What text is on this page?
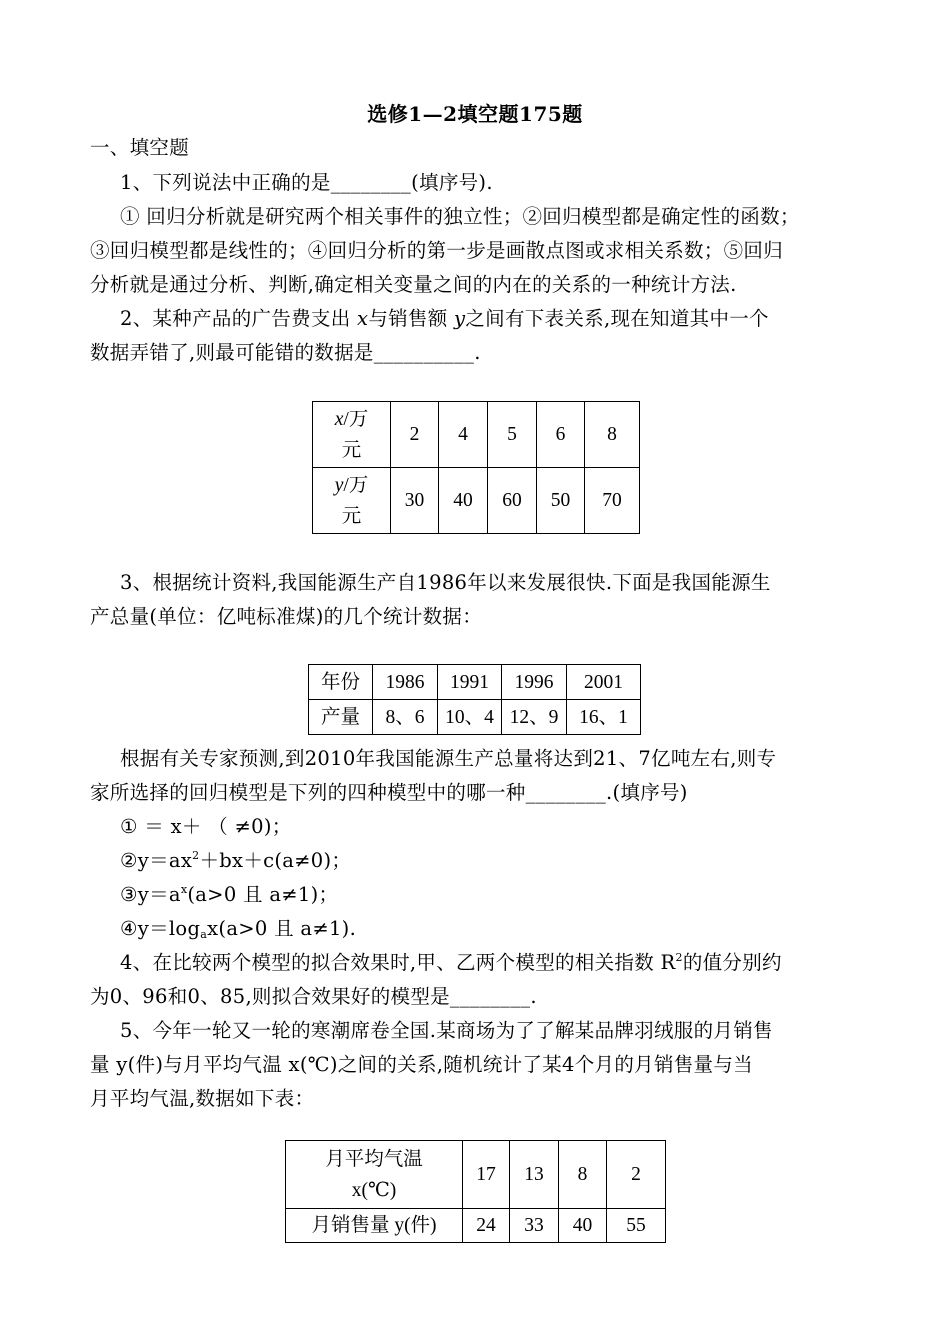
选修1—2填空题175题
一、填空题
1、下列说法中正确的是________(填序号).
① 回归分析就是研究两个相关事件的独立性；②回归模型都是确定性的函数；
③回归模型都是线性的；④回归分析的第一步是画散点图或求相关系数；⑤回归
分析就是通过分析、判断,确定相关变量之间的内在的关系的一种统计方法.
2、某种产品的广告费支出 x与销售额 y之间有下表关系,现在知道其中一个
数据弄错了,则最可能错的数据是__________.
x/万
元	2	4	5	6	8

y/万
元	30	40	60	50	70
3、根据统计资料,我国能源生产自1986年以来发展很快.下面是我国能源生
产总量(单位：亿吨标准煤)的几个统计数据：
年份	1986	1991	1996	2001
产量	8、6	10、4	12、9	16、1
根据有关专家预测,到2010年我国能源生产总量将达到21、7亿吨左右,则专
家所选择的回归模型是下列的四种模型中的哪一种________.(填序号)
① ＝ x＋ （ ≠0)；
$②y=ax^2+bx+c(a\ne 0)$；
$③y=a^x(a>0$ 且 a≠1)；
$④y=\log_ax(a>0$ 且 a≠1).
4、在比较两个模型的拟合效果时,甲、乙两个模型的相关指数 $R^2$的值分别约
为0、96和0、85,则拟合效果好的模型是________.
5、今年一轮又一轮的寒潮席卷全国.某商场为了了解某品牌羽绒服的月销售
量 y(件)与月平均气温 x(℃)之间的关系,随机统计了某4个月的月销售量与当
月平均气温,数据如下表：
月平均气温
x(℃)	17	13	8	2
月销售量 y(件)	24	33	40	55
